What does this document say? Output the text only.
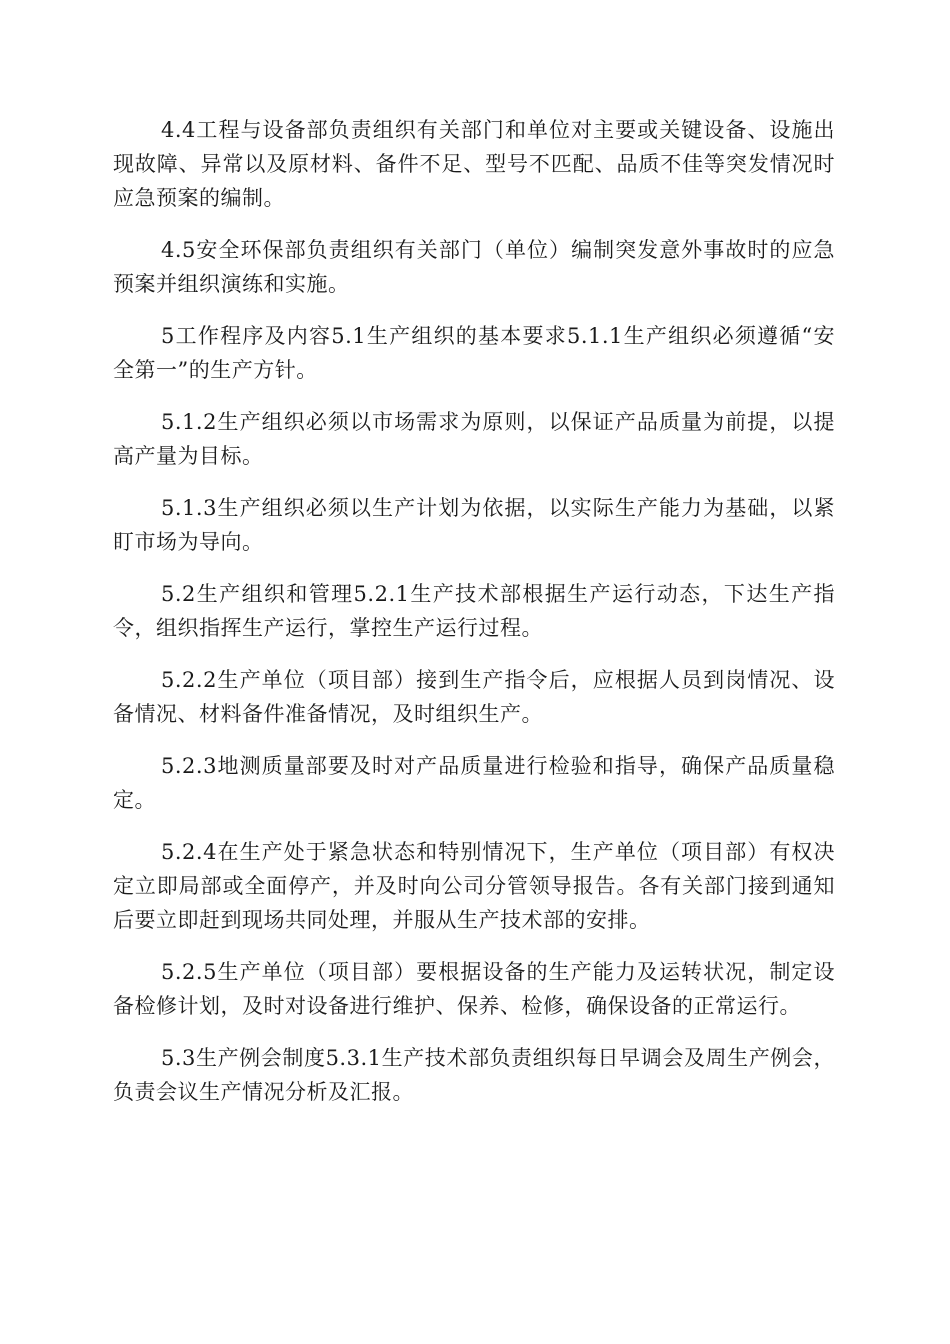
4.4工程与设备部负责组织有关部门和单位对主要或关键设备、设施出现故障、异常以及原材料、备件不足、型号不匹配、品质不佳等突发情况时应急预案的编制。

4.5安全环保部负责组织有关部门（单位）编制突发意外事故时的应急预案并组织演练和实施。

5工作程序及内容5.1生产组织的基本要求5.1.1生产组织必须遵循“安全第一”的生产方针。

5.1.2生产组织必须以市场需求为原则，以保证产品质量为前提，以提高产量为目标。

5.1.3生产组织必须以生产计划为依据，以实际生产能力为基础，以紧盯市场为导向。

5.2生产组织和管理5.2.1生产技术部根据生产运行动态，下达生产指令，组织指挥生产运行，掌控生产运行过程。

5.2.2生产单位（项目部）接到生产指令后，应根据人员到岗情况、设备情况、材料备件准备情况，及时组织生产。

5.2.3地测质量部要及时对产品质量进行检验和指导，确保产品质量稳定。

5.2.4在生产处于紧急状态和特别情况下，生产单位（项目部）有权决定立即局部或全面停产，并及时向公司分管领导报告。各有关部门接到通知后要立即赶到现场共同处理，并服从生产技术部的安排。

5.2.5生产单位（项目部）要根据设备的生产能力及运转状况，制定设备检修计划，及时对设备进行维护、保养、检修，确保设备的正常运行。

5.3生产例会制度5.3.1生产技术部负责组织每日早调会及周生产例会，负责会议生产情况分析及汇报。
